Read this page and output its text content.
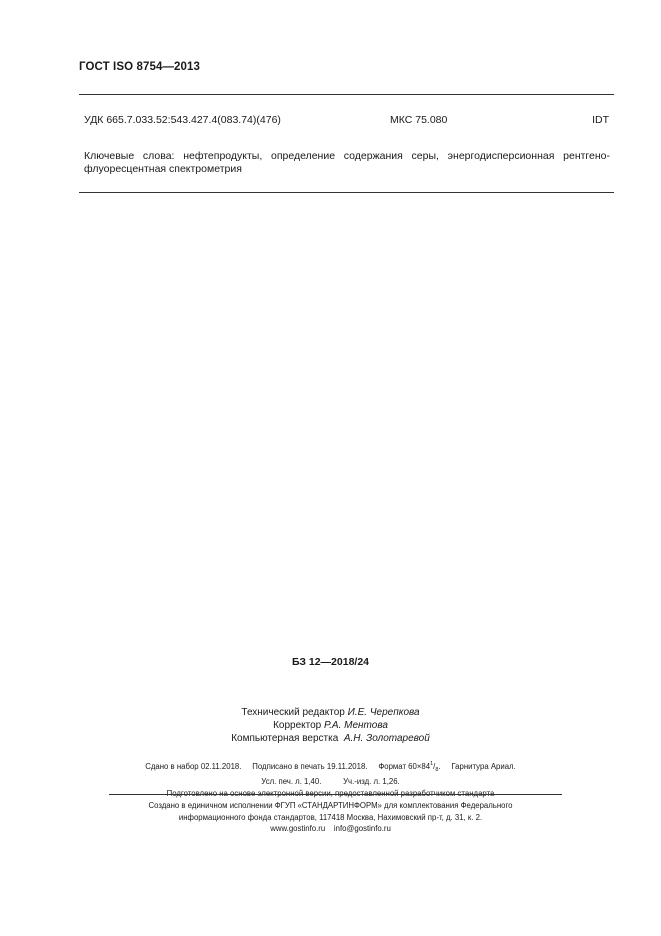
ГОСТ ISO 8754—2013
УДК 665.7.033.52:543.427.4(083.74)(476)	МКС 75.080	IDT
Ключевые слова: нефтепродукты, определение содержания серы, энергодисперсионная рентгено-
флуоресцентная спектрометрия
БЗ 12—2018/24
Технический редактор И.Е. Черепкова
Корректор Р.А. Ментова
Компьютерная верстка А.Н. Золотаревой
Сдано в набор 02.11.2018. Подписано в печать 19.11.2018. Формат $60\times 84^1/_8$. Гарнитура Ариал.
Усл. печ. л. 1,40.	Уч.-изд. л. 1,26.
Подготовлено на основе электронной версии, предоставленной разработчиком стандарта
Создано в единичном исполнении ФГУП «СТАНДАРТИНФОРМ» для комплектования Федерального
информационного фонда стандартов, 117418 Москва, Нахимовский пр-т, д. 31, к. 2.
www.gostinfo.ru info@gostinfo.ru
